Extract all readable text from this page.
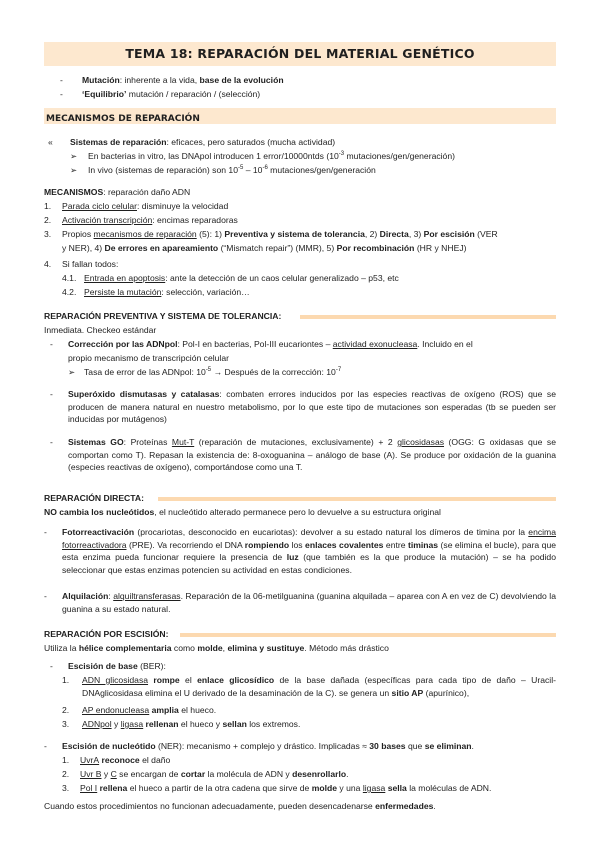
TEMA 18: REPARACIÓN DEL MATERIAL GENÉTICO
- Mutación: inherente a la vida, base de la evolución
- ‘Equilibrio’ mutación / reparación / (selección)
MECANISMOS DE REPARACIÓN
« Sistemas de reparación: eficaces, pero saturados (mucha actividad)
➢ En bacterias in vitro, las DNApol introducen 1 error/10000ntds ($10^{-3}$ mutaciones/gen/generación)
➢ In vivo (sistemas de reparación) son $10^{-5} - 10^{-6}$ mutaciones/gen/generación
MECANISMOS: reparación daño ADN
1. Parada ciclo celular: disminuye la velocidad
2. Activación transcripción: encimas reparadoras
3. Propios mecanismos de reparación (5): 1) Preventiva y sistema de tolerancia, 2) Directa, 3) Por escisión (VER
y NER), 4) De errores en apareamiento (“Mismatch repair”) (MMR), 5) Por recombinación (HR y NHEJ)
4. Si fallan todos:
4.1. Entrada en apoptosis: ante la detección de un caos celular generalizado – p53, etc
4.2. Persiste la mutación: selección, variación…
REPARACIÓN PREVENTIVA Y SISTEMA DE TOLERANCIA:
Inmediata. Checkeo estándar
- Corrección por las ADNpol: Pol-I en bacterias, Pol-III eucariontes – actividad exonucleasa. Incluido en el
propio mecanismo de transcripción celular
➢ Tasa de error de las ADNpol: $10^{-5}$ → Después de la corrección: $10^{-7}$
- Superóxido dismutasas y catalasas: combaten errores inducidos por las especies reactivas de oxígeno (ROS) que se producen de manera natural en nuestro metabolismo, por lo que este tipo de mutaciones son esperadas (tb se pueden ser inducidas por mutágenos)
- Sistemas GO: Proteínas Mut-T (reparación de mutaciones, exclusivamente) + 2 glicosidasas (OGG: G oxidasas que se comportan como T). Repasan la existencia de: 8-oxoguanina – análogo de base (A). Se produce por oxidación de la guanina (especies reactivas de oxígeno), comportándose como una T.
REPARACIÓN DIRECTA:
NO cambia los nucleótidos, el nucleótido alterado permanece pero lo devuelve a su estructura original
- Fotorreactivación (procariotas, desconocido en eucariotas): devolver a su estado natural los dímeros de timina por la encima fotorreactivadora (PRE). Va recorriendo el DNA rompiendo los enlaces covalentes entre timinas (se elimina el bucle), para que esta enzima pueda funcionar requiere la presencia de luz (que también es la que produce la mutación) – se ha podido seleccionar que estas enzimas potencien su actividad en estas condiciones.
- Alquilación: alquiltransferasas. Reparación de la 06-metilguanina (guanina alquilada – aparea con A en vez de C) devolviendo la guanina a su estado natural.
REPARACIÓN POR ESCISIÓN:
Utiliza la hélice complementaria como molde, elimina y sustituye. Método más drástico
- Escisión de base (BER):
1. ADN glicosidasa rompe el enlace glicosídico de la base dañada (específicas para cada tipo de daño – Uracil-DNAglicosidasa elimina el U derivado de la desaminación de la C). se genera un sitio AP (apurínico),
2. AP endonucleasa amplia el hueco.
3. ADNpol y ligasa rellenan el hueco y sellan los extremos.
- Escisión de nucleótido (NER): mecanismo + complejo y drástico. Implicadas ≈ 30 bases que se eliminan.
1. UvrA reconoce el daño
2. Uvr B y C se encargan de cortar la molécula de ADN y desenrollarlo.
3. Pol I rellena el hueco a partir de la otra cadena que sirve de molde y una ligasa sella la moléculas de ADN.
Cuando estos procedimientos no funcionan adecuadamente, pueden desencadenarse enfermedades.
